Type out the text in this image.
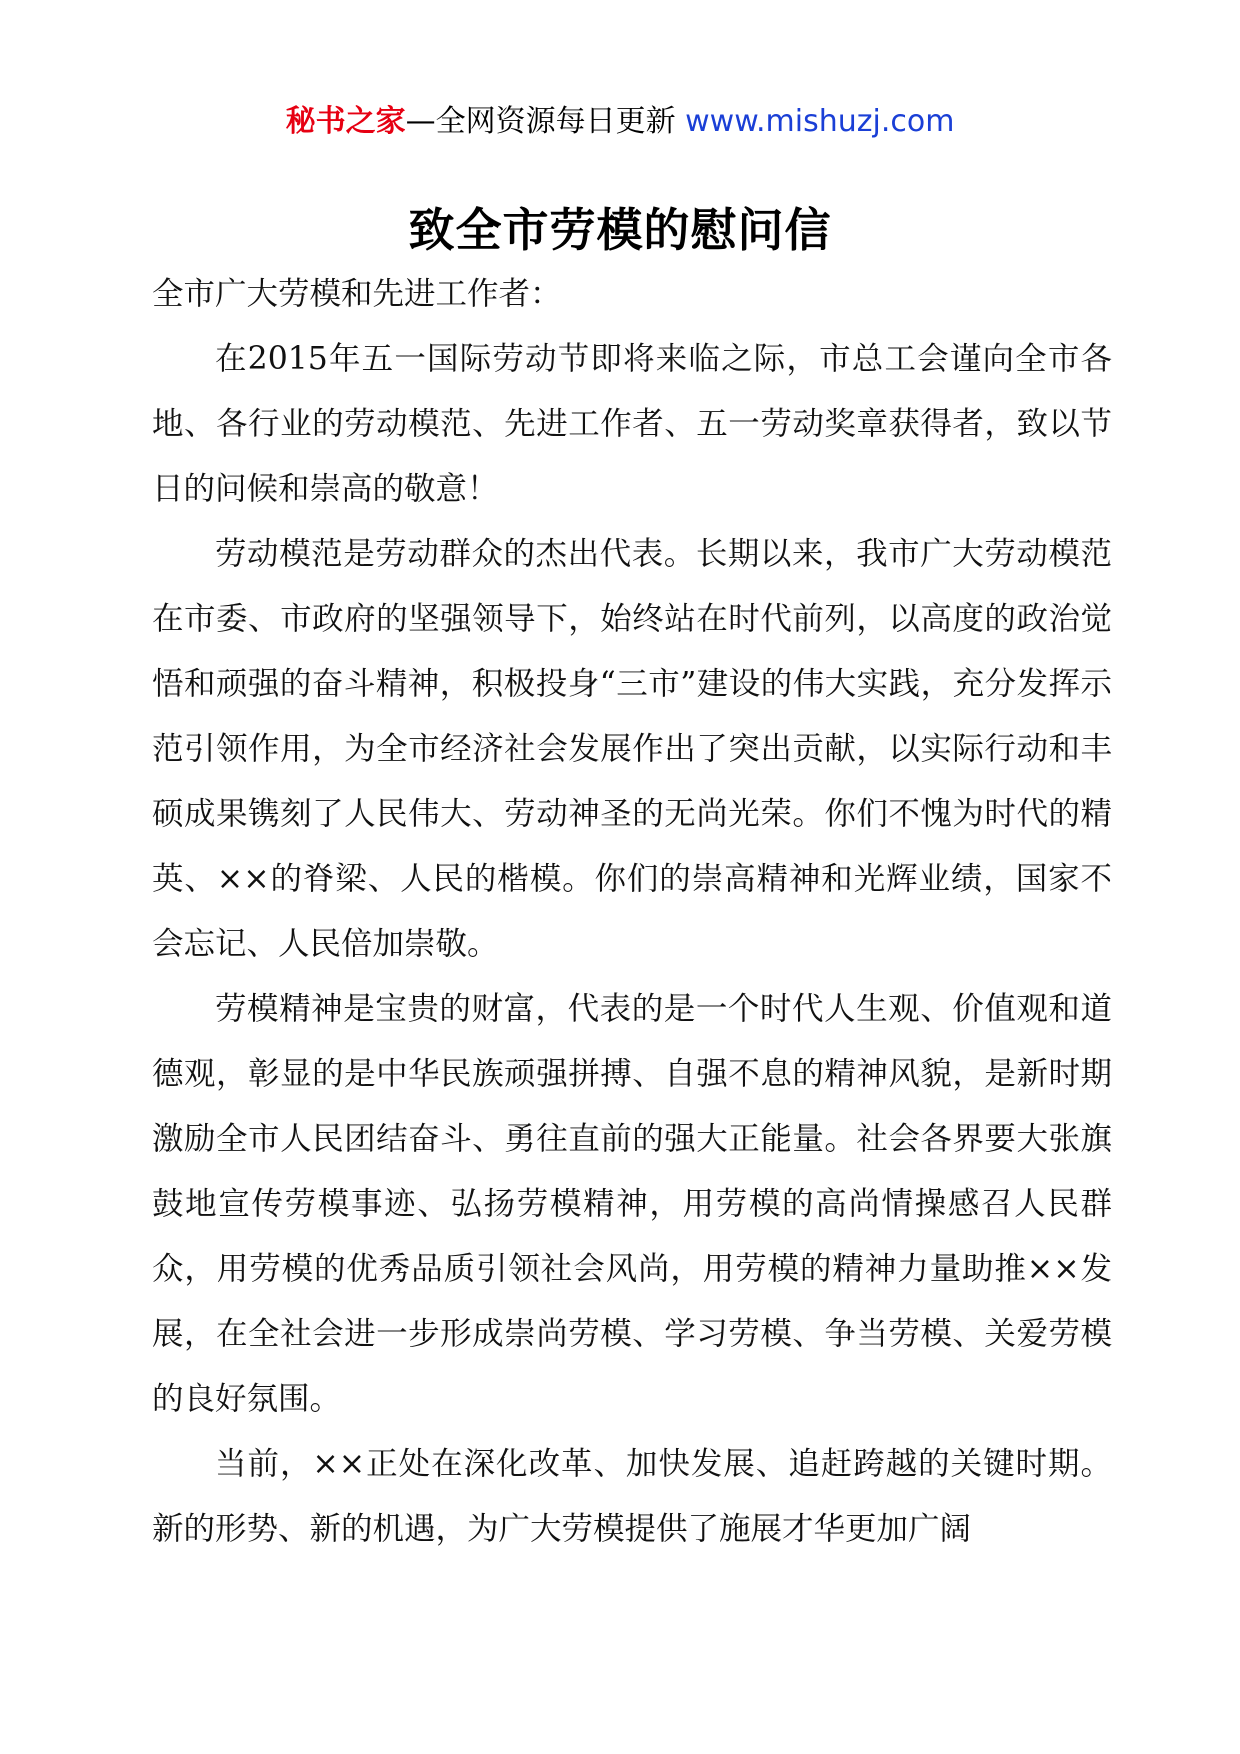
秘书之家—全网资源每日更新 www.mishuzj.com
致全市劳模的慰问信

全市广大劳模和先进工作者：

在2015年五一国际劳动节即将来临之际，市总工会谨向全市各地、各行业的劳动模范、先进工作者、五一劳动奖章获得者，致以节日的问候和崇高的敬意！

劳动模范是劳动群众的杰出代表。长期以来，我市广大劳动模范在市委、市政府的坚强领导下，始终站在时代前列，以高度的政治觉悟和顽强的奋斗精神，积极投身“三市”建设的伟大实践，充分发挥示范引领作用，为全市经济社会发展作出了突出贡献，以实际行动和丰硕成果镌刻了人民伟大、劳动神圣的无尚光荣。你们不愧为时代的精英、××的脊梁、人民的楷模。你们的崇高精神和光辉业绩，国家不会忘记、人民倍加崇敬。

劳模精神是宝贵的财富，代表的是一个时代人生观、价值观和道德观，彰显的是中华民族顽强拼搏、自强不息的精神风貌，是新时期激励全市人民团结奋斗、勇往直前的强大正能量。社会各界要大张旗鼓地宣传劳模事迹、弘扬劳模精神，用劳模的高尚情操感召人民群众，用劳模的优秀品质引领社会风尚，用劳模的精神力量助推××发展，在全社会进一步形成崇尚劳模、学习劳模、争当劳模、关爱劳模的良好氛围。

当前，××正处在深化改革、加快发展、追赶跨越的关键时期。新的形势、新的机遇，为广大劳模提供了施展才华更加广阔
